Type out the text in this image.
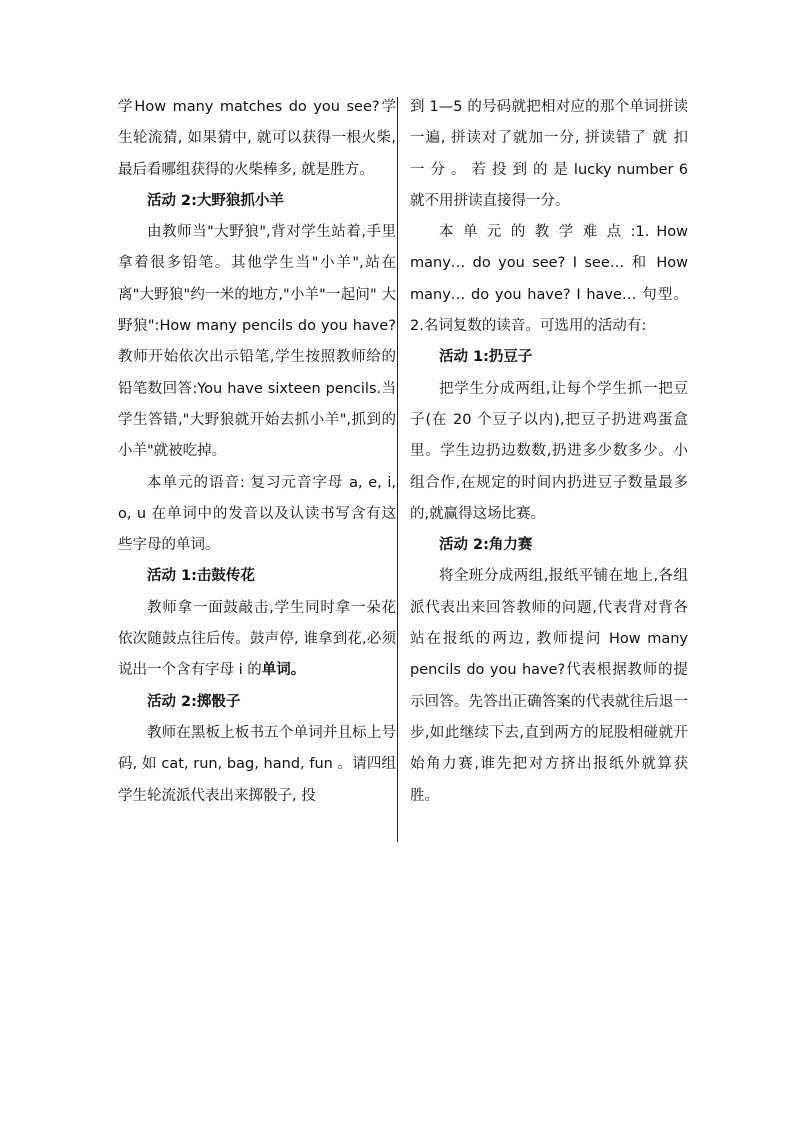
学How many matches do you see?学生轮流猜, 如果猜中, 就可以获得一根火柴, 最后看哪组获得的火柴棒多, 就是胜方。

活动 2:大野狼抓小羊

由教师当"大野狼",背对学生站着,手里拿着很多铅笔。其他学生当"小羊",站在离"大野狼"约一米的地方,"小羊"一起问" 大野狼":How many pencils do you have? 教师开始依次出示铅笔,学生按照教师给的铅笔数回答:You have sixteen pencils.当学生答错,"大野狼就开始去抓小羊",抓到的小羊"就被吃掉。

本单元的语音: 复习元音字母 a, e, i, o, u 在单词中的发音以及认读书写含有这些字母的单词。

活动 1:击鼓传花

教师拿一面鼓敲击,学生同时拿一朵花依次随鼓点往后传。鼓声停, 谁拿到花,必须说出一个含有字母 i 的单词。

活动 2:掷骰子

教师在黑板上板书五个单词并且标上号码, 如 cat, run, bag, hand, fun 。请四组学生轮流派代表出来掷骰子, 投

到 1—5 的号码就把相对应的那个单词拼读一遍, 拼读对了就加一分, 拼读错了 就 扣 一 分 。 若 投 到 的 是 lucky number 6 就不用拼读直接得一分。

本 单 元 的 教 学 难 点 :1. How many… do you see? I see… 和 How many… do you have? I have… 句型。2.名词复数的读音。可选用的活动有:

活动 1:扔豆子

把学生分成两组,让每个学生抓一把豆子(在 20 个豆子以内),把豆子扔进鸡蛋盒里。学生边扔边数数,扔进多少数多少。小组合作,在规定的时间内扔进豆子数量最多的,就赢得这场比赛。

活动 2:角力赛

将全班分成两组,报纸平铺在地上,各组派代表出来回答教师的问题,代表背对背各站在报纸的两边, 教师提问 How many pencils do you have?代表根据教师的提示回答。先答出正确答案的代表就往后退一步,如此继续下去,直到两方的屁股相碰就开始角力赛,谁先把对方挤出报纸外就算获胜。
